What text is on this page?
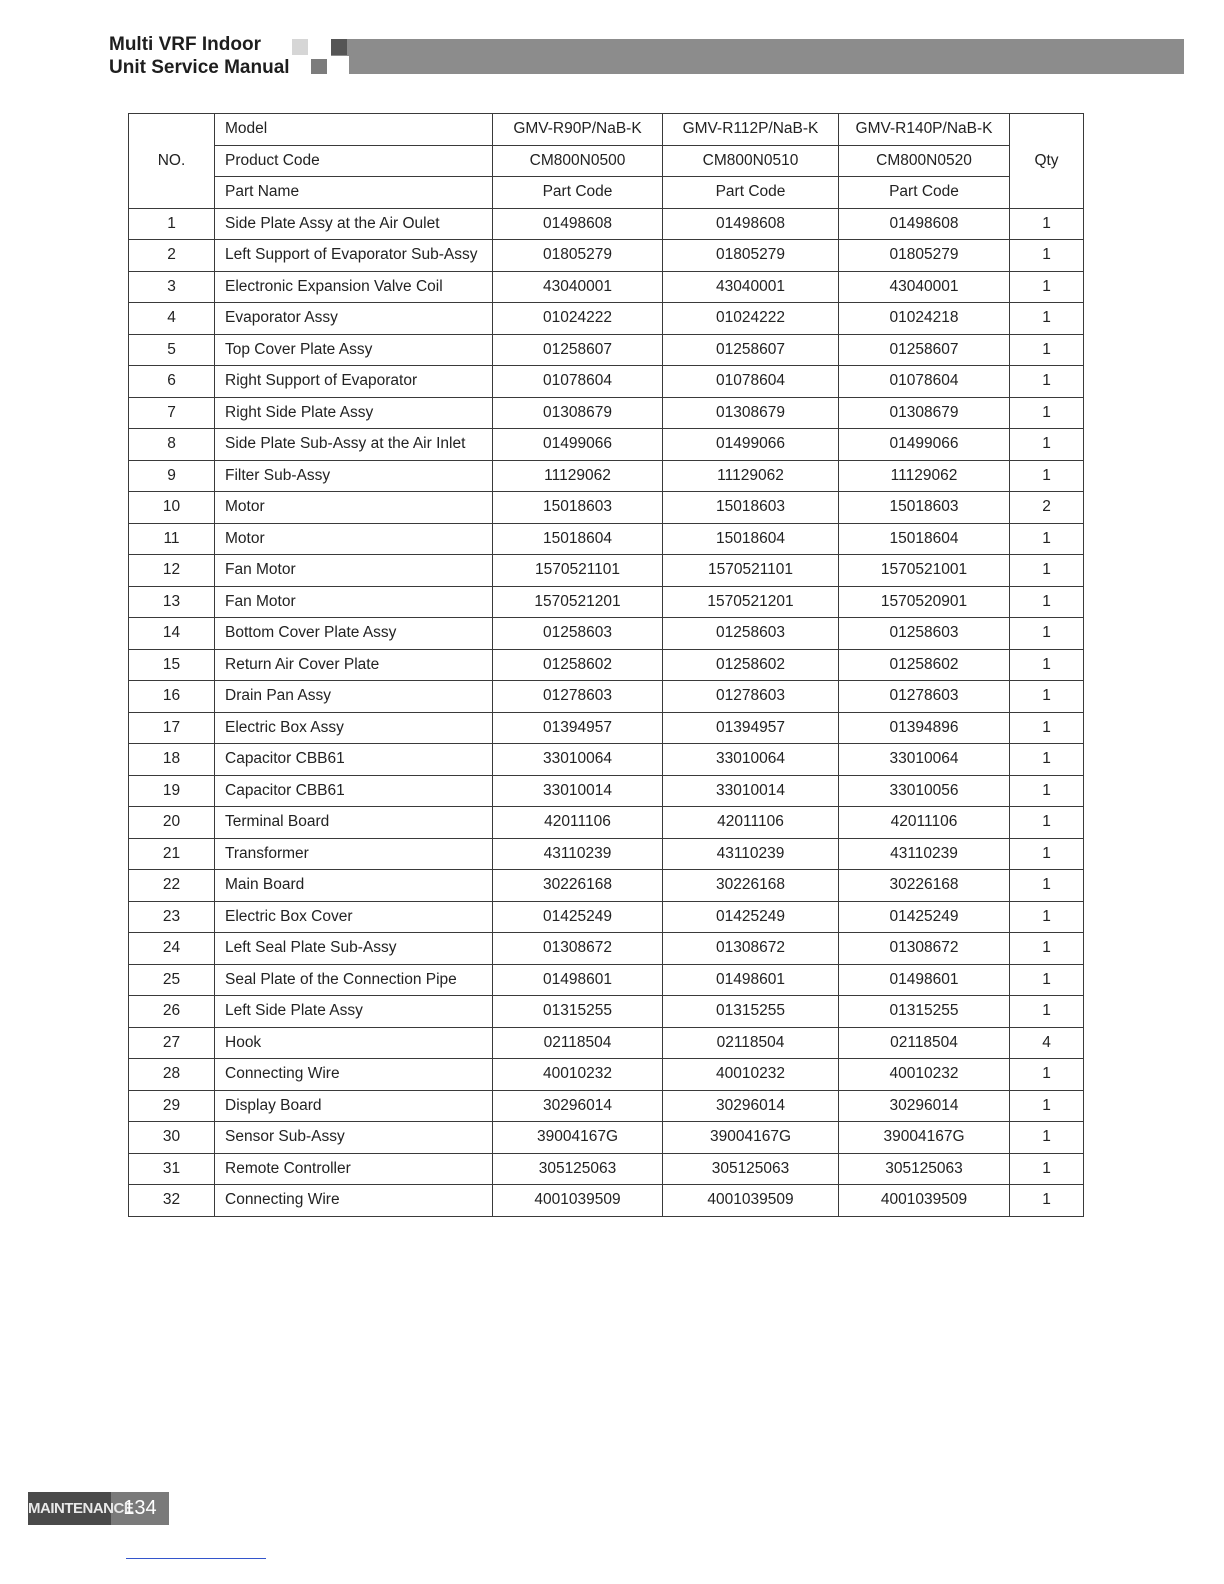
Multi VRF Indoor
Unit Service Manual
NO.	Model	GMV-R90P/NaB-K	GMV-R112P/NaB-K	GMV-R140P/NaB-K	Qty
	Product Code	CM800N0500	CM800N0510	CM800N0520	
	Part Name	Part Code	Part Code	Part Code	
1	Side Plate Assy at the Air Oulet	01498608	01498608	01498608	1
2	Left Support of Evaporator Sub-Assy	01805279	01805279	01805279	1
3	Electronic Expansion Valve Coil	43040001	43040001	43040001	1
4	Evaporator Assy	01024222	01024222	01024218	1
5	Top Cover Plate Assy	01258607	01258607	01258607	1
6	Right Support of Evaporator	01078604	01078604	01078604	1
7	Right Side Plate Assy	01308679	01308679	01308679	1
8	Side Plate Sub-Assy at the Air Inlet	01499066	01499066	01499066	1
9	Filter Sub-Assy	11129062	11129062	11129062	1
10	Motor	15018603	15018603	15018603	2
11	Motor	15018604	15018604	15018604	1
12	Fan Motor	1570521101	1570521101	1570521001	1
13	Fan Motor	1570521201	1570521201	1570520901	1
14	Bottom Cover Plate Assy	01258603	01258603	01258603	1
15	Return Air Cover Plate	01258602	01258602	01258602	1
16	Drain Pan Assy	01278603	01278603	01278603	1
17	Electric Box Assy	01394957	01394957	01394896	1
18	Capacitor CBB61	33010064	33010064	33010064	1
19	Capacitor CBB61	33010014	33010014	33010056	1
20	Terminal Board	42011106	42011106	42011106	1
21	Transformer	43110239	43110239	43110239	1
22	Main Board	30226168	30226168	30226168	1
23	Electric Box Cover	01425249	01425249	01425249	1
24	Left Seal Plate Sub-Assy	01308672	01308672	01308672	1
25	Seal Plate of the Connection Pipe	01498601	01498601	01498601	1
26	Left Side Plate Assy	01315255	01315255	01315255	1
27	Hook	02118504	02118504	02118504	4
28	Connecting Wire	40010232	40010232	40010232	1
29	Display Board	30296014	30296014	30296014	1
30	Sensor Sub-Assy	39004167G	39004167G	39004167G	1
31	Remote Controller	305125063	305125063	305125063	1
32	Connecting Wire	4001039509	4001039509	4001039509	1
MAINTENANCE
134
